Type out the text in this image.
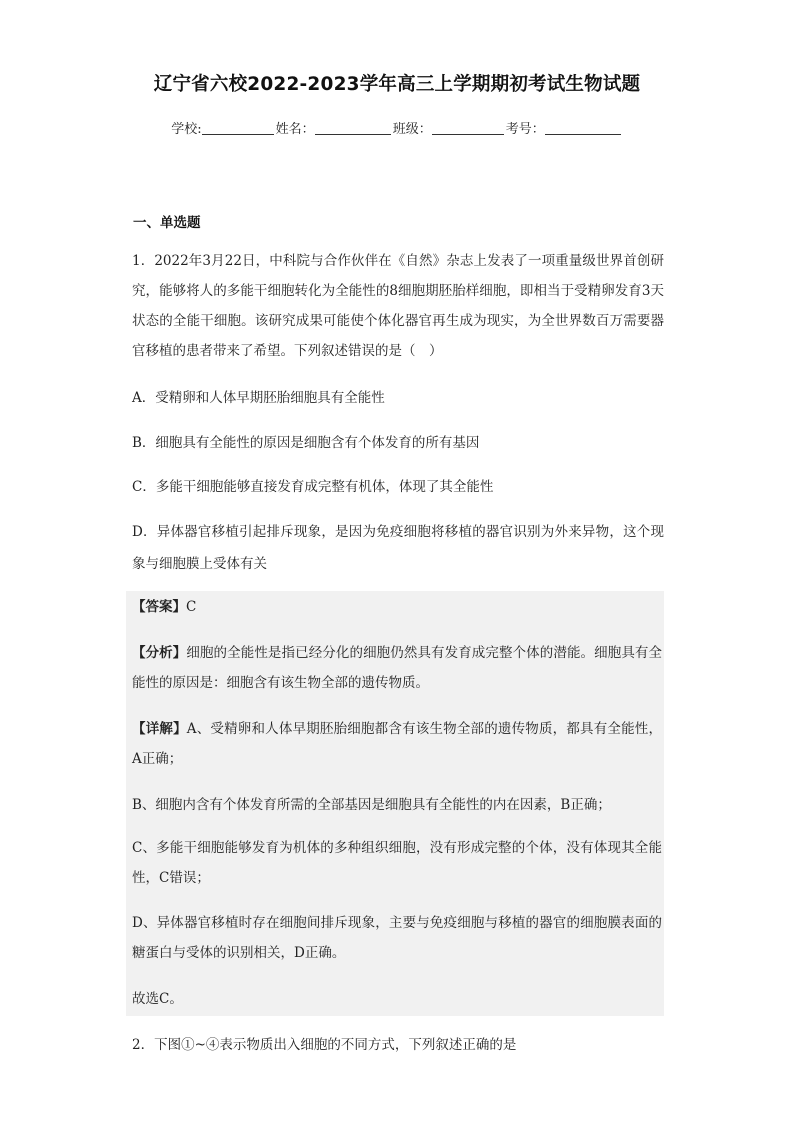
辽宁省六校2022-2023学年高三上学期期初考试生物试题
学校:	姓名：	班级：	考号：
一、单选题
1．2022年3月22日，中科院与合作伙伴在《自然》杂志上发表了一项重量级世界首创研究，能够将人的多能干细胞转化为全能性的8细胞期胚胎样细胞，即相当于受精卵发育3天状态的全能干细胞。该研究成果可能使个体化器官再生成为现实，为全世界数百万需要器官移植的患者带来了希望。下列叙述错误的是（　）
A．受精卵和人体早期胚胎细胞具有全能性
B．细胞具有全能性的原因是细胞含有个体发育的所有基因
C．多能干细胞能够直接发育成完整有机体，体现了其全能性
D．异体器官移植引起排斥现象，是因为免疫细胞将移植的器官识别为外来异物，这个现象与细胞膜上受体有关
【答案】C
【分析】细胞的全能性是指已经分化的细胞仍然具有发育成完整个体的潜能。细胞具有全能性的原因是：细胞含有该生物全部的遗传物质。
【详解】A、受精卵和人体早期胚胎细胞都含有该生物全部的遗传物质，都具有全能性，A正确；
B、细胞内含有个体发育所需的全部基因是细胞具有全能性的内在因素，B正确；
C、多能干细胞能够发育为机体的多种组织细胞，没有形成完整的个体，没有体现其全能性，C错误；
D、异体器官移植时存在细胞间排斥现象，主要与免疫细胞与移植的器官的细胞膜表面的糖蛋白与受体的识别相关，D正确。
故选C。
2．下图①~④表示物质出入细胞的不同方式，下列叙述正确的是
